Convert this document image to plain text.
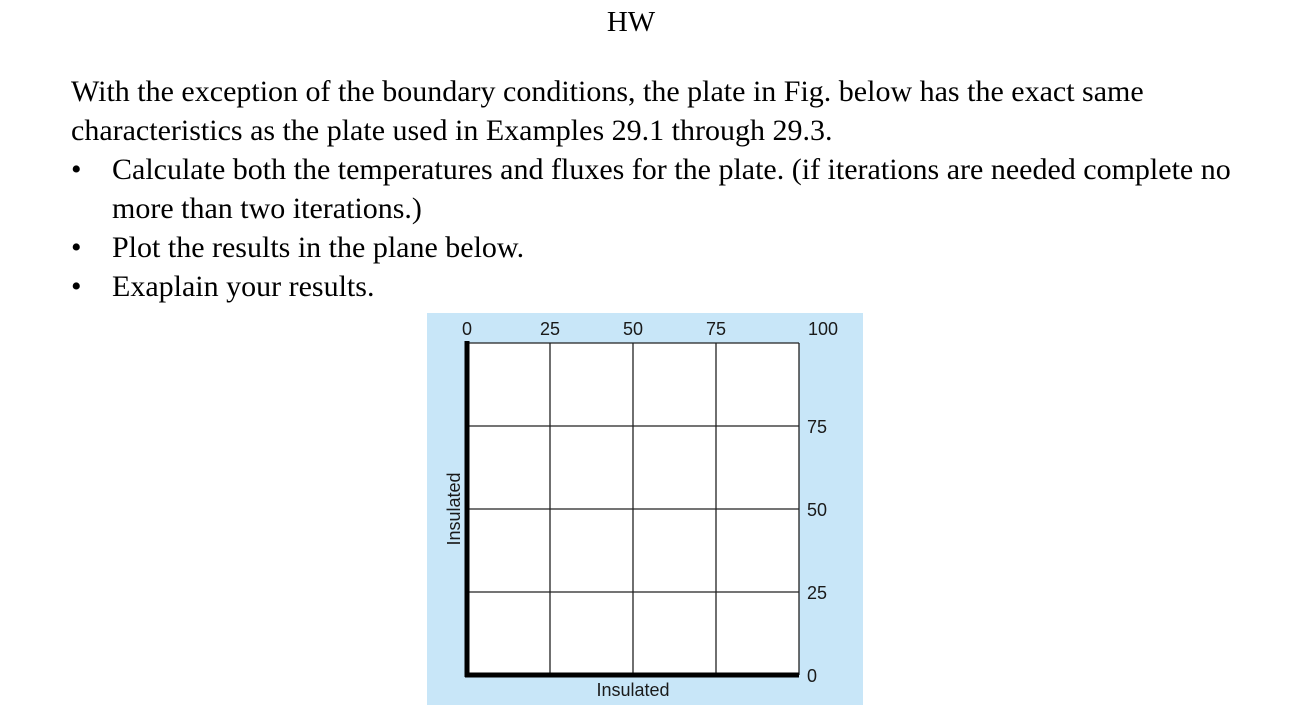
HW

With the exception of the boundary conditions, the plate in Fig. below has the exact same characteristics as the plate used in Examples 29.1 through 29.3.

•	Calculate both the temperatures and fluxes for the plate. (if iterations are needed complete no more than two iterations.)
•	Plot the results in the plane below.
•	Exaplain your results.
0	25	50	75	100
75
50
25
0
Insulated
Insulated
